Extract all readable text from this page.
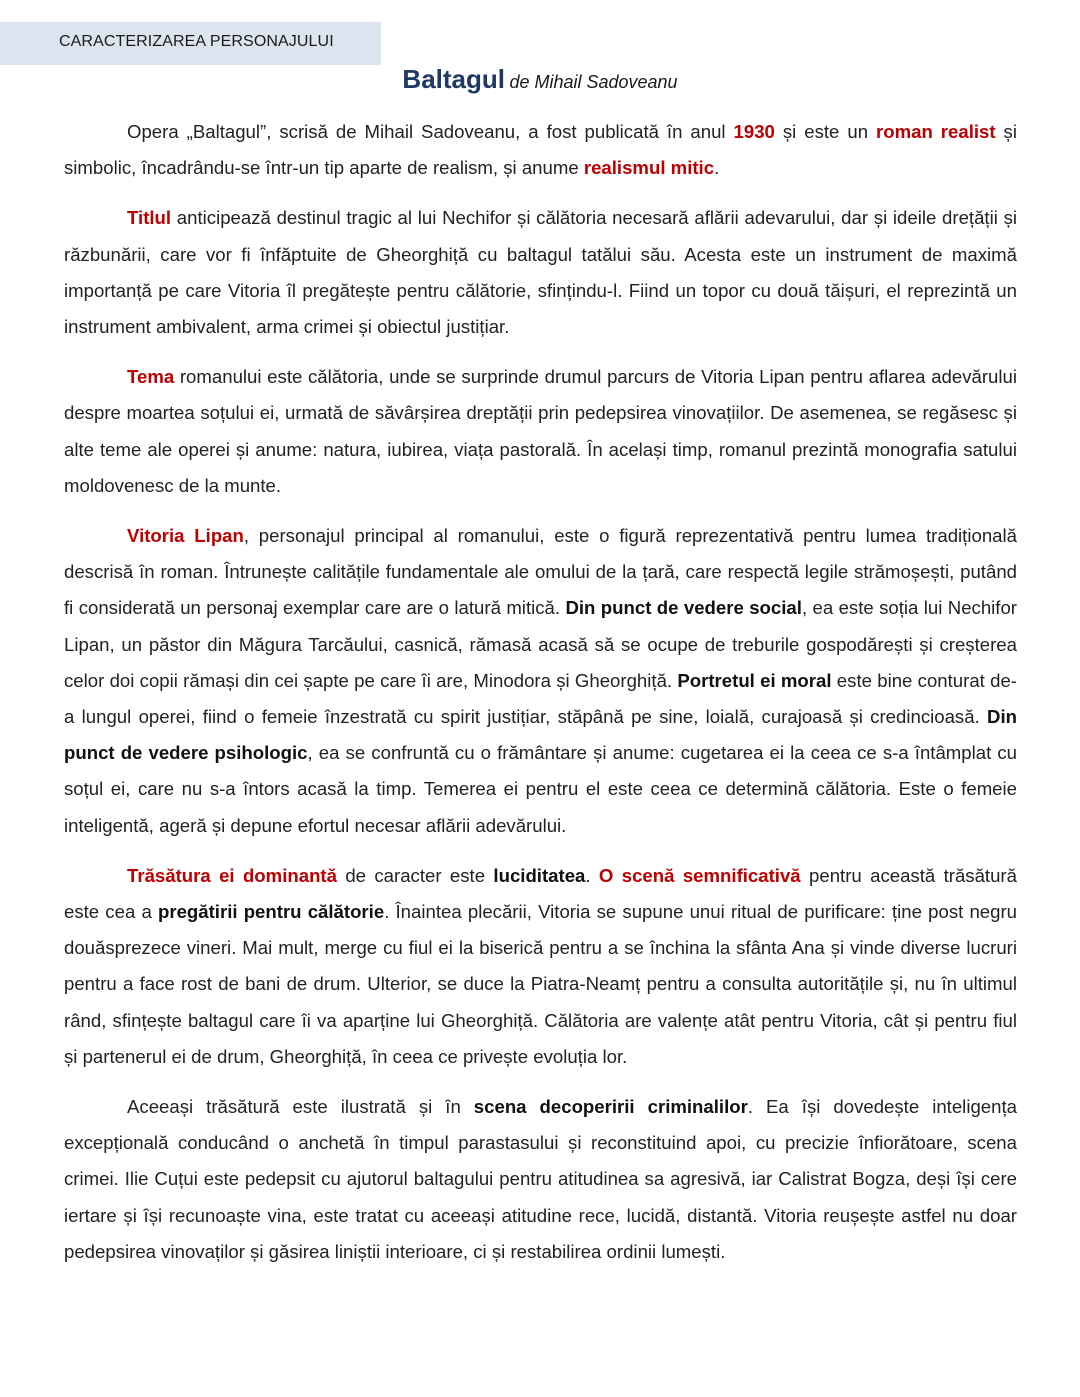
CARACTERIZAREA PERSONAJULUI
Baltagul de Mihail Sadoveanu

Opera „Baltagul”, scrisă de Mihail Sadoveanu, a fost publicată în anul 1930 și este un roman realist și simbolic, încadrându-se într-un tip aparte de realism, și anume realismul mitic.

Titlul anticipează destinul tragic al lui Nechifor și călătoria necesară aflării adevarului, dar și ideile drețății și răzbunării, care vor fi înfăptuite de Gheorghiță cu baltagul tatălui său. Acesta este un instrument de maximă importanță pe care Vitoria îl pregătește pentru călătorie, sfințindu-l. Fiind un topor cu două tăișuri, el reprezintă un instrument ambivalent, arma crimei și obiectul justițiar.

Tema romanului este călătoria, unde se surprinde drumul parcurs de Vitoria Lipan pentru aflarea adevărului despre moartea soțului ei, urmată de săvârșirea dreptății prin pedepsirea vinovațiilor. De asemenea, se regăsesc și alte teme ale operei și anume: natura, iubirea, viața pastorală. În același timp, romanul prezintă monografia satului moldovenesc de la munte.

Vitoria Lipan, personajul principal al romanului, este o figură reprezentativă pentru lumea tradițională descrisă în roman. Întrunește calitățile fundamentale ale omului de la țară, care respectă legile strămoșești, putând fi considerată un personaj exemplar care are o latură mitică. Din punct de vedere social, ea este soția lui Nechifor Lipan, un păstor din Măgura Tarcăului, casnică, rămasă acasă să se ocupe de treburile gospodărești și creșterea celor doi copii rămași din cei șapte pe care îi are, Minodora și Gheorghiță. Portretul ei moral este bine conturat de-a lungul operei, fiind o femeie înzestrată cu spirit justițiar, stăpână pe sine, loială, curajoasă și credincioasă. Din punct de vedere psihologic, ea se confruntă cu o frământare și anume: cugetarea ei la ceea ce s-a întâmplat cu soțul ei, care nu s-a întors acasă la timp. Temerea ei pentru el este ceea ce determină călătoria. Este o femeie inteligentă, ageră și depune efortul necesar aflării adevărului.

Trăsătura ei dominantă de caracter este luciditatea. O scenă semnificativă pentru această trăsătură este cea a pregătirii pentru călătorie. Înaintea plecării, Vitoria se supune unui ritual de purificare: ține post negru douăsprezece vineri. Mai mult, merge cu fiul ei la biserică pentru a se închina la sfânta Ana și vinde diverse lucruri pentru a face rost de bani de drum. Ulterior, se duce la Piatra-Neamț pentru a consulta autoritățile și, nu în ultimul rând, sfințește baltagul care îi va aparține lui Gheorghiță. Călătoria are valențe atât pentru Vitoria, cât și pentru fiul și partenerul ei de drum, Gheorghiță, în ceea ce privește evoluția lor.

Aceeași trăsătură este ilustrată și în scena decoperirii criminalilor. Ea își dovedește inteligența excepțională conducând o anchetă în timpul parastasului și reconstituind apoi, cu precizie înfiorătoare, scena crimei. Ilie Cuțui este pedepsit cu ajutorul baltagului pentru atitudinea sa agresivă, iar Calistrat Bogza, deși își cere iertare și își recunoaște vina, este tratat cu aceeași atitudine rece, lucidă, distantă. Vitoria reușește astfel nu doar pedepsirea vinovaților și găsirea liniștii interioare, ci și restabilirea ordinii lumești.
